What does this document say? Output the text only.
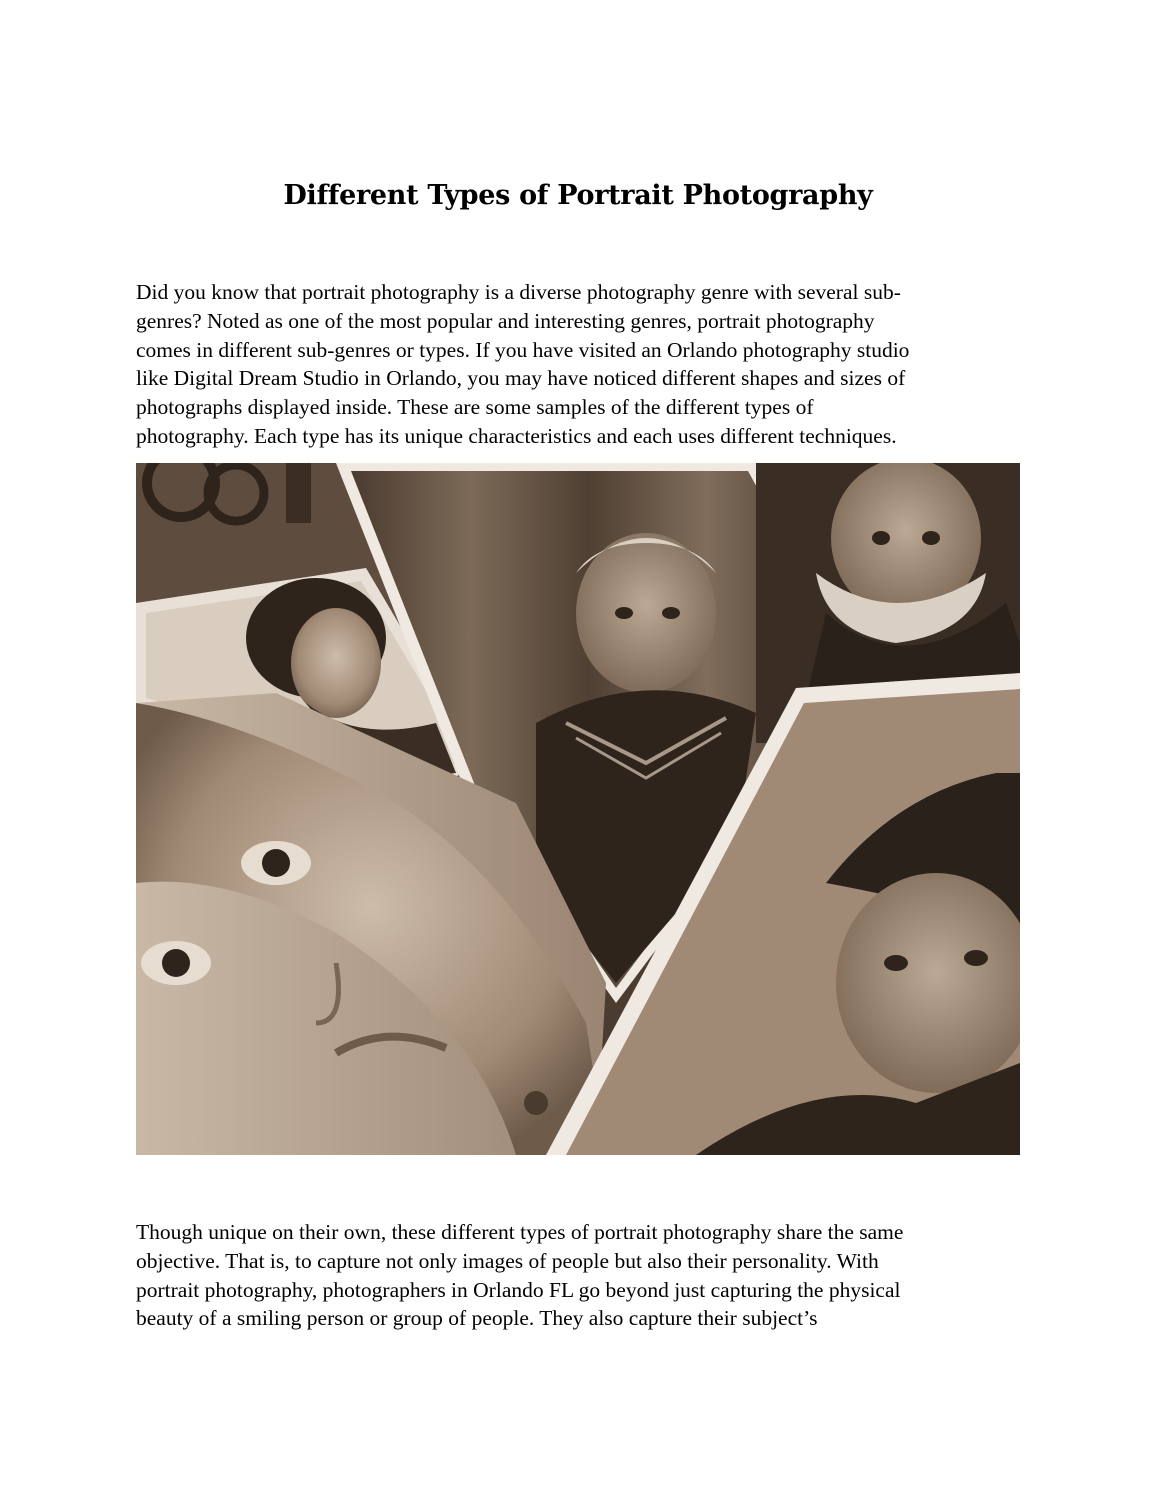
Different Types of Portrait Photography

Did you know that portrait photography is a diverse photography genre with several sub-
genres? Noted as one of the most popular and interesting genres, portrait photography
comes in different sub-genres or types. If you have visited an Orlando photography studio
like Digital Dream Studio in Orlando, you may have noticed different shapes and sizes of
photographs displayed inside. These are some samples of the different types of
photography. Each type has its unique characteristics and each uses different techniques.

Though unique on their own, these different types of portrait photography share the same
objective. That is, to capture not only images of people but also their personality. With
portrait photography, photographers in Orlando FL go beyond just capturing the physical
beauty of a smiling person or group of people. They also capture their subject’s
